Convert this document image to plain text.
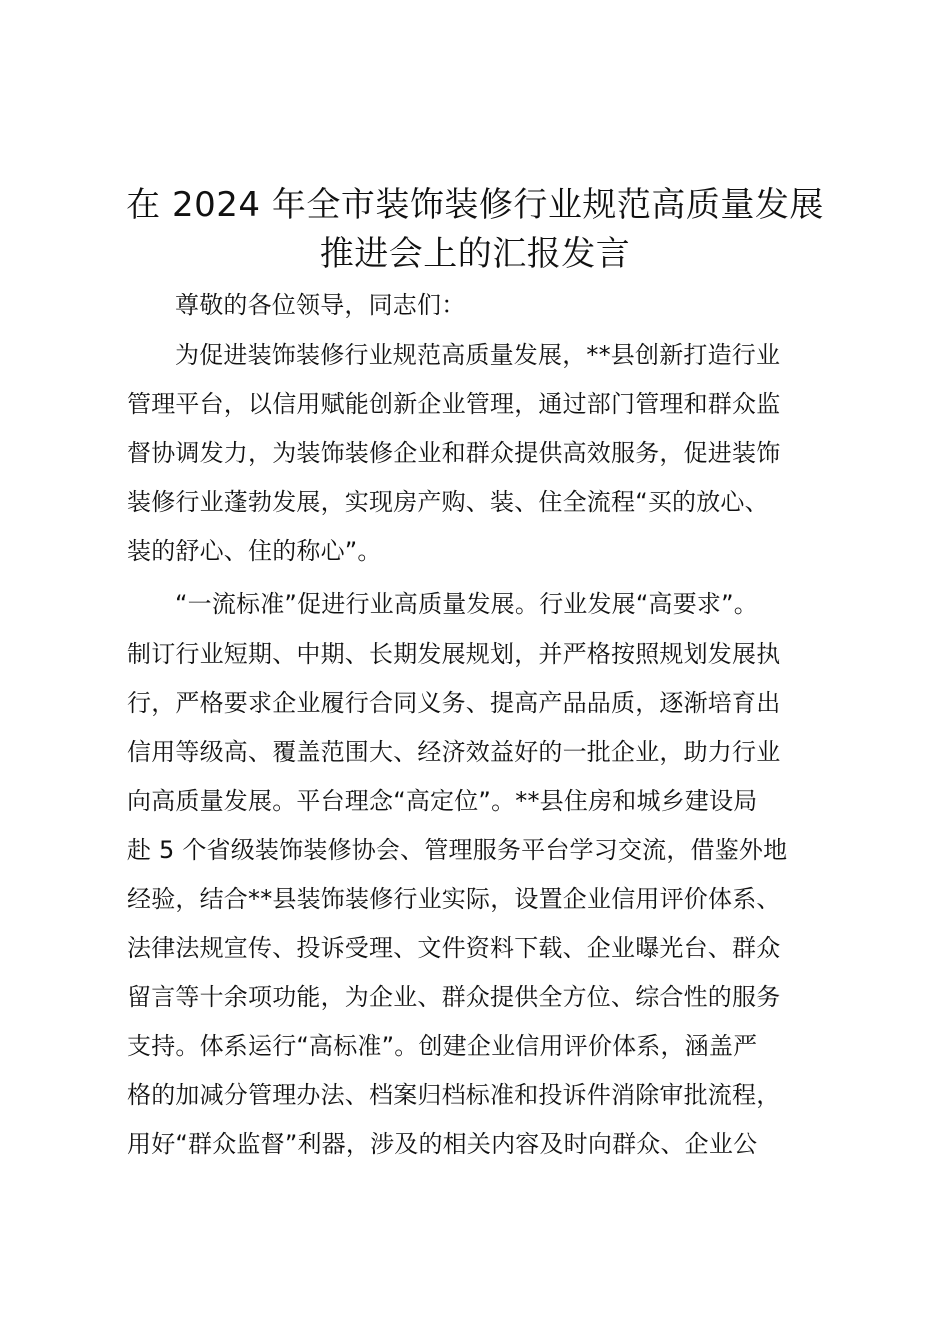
在 2024 年全市装饰装修行业规范高质量发展
推进会上的汇报发言
尊敬的各位领导，同志们：
为促进装饰装修行业规范高质量发展，**县创新打造行业
管理平台，以信用赋能创新企业管理，通过部门管理和群众监
督协调发力，为装饰装修企业和群众提供高效服务，促进装饰
装修行业蓬勃发展，实现房产购、装、住全流程“买的放心、
装的舒心、住的称心”。
“一流标准”促进行业高质量发展。行业发展“高要求”。
制订行业短期、中期、长期发展规划，并严格按照规划发展执
行，严格要求企业履行合同义务、提高产品品质，逐渐培育出
信用等级高、覆盖范围大、经济效益好的一批企业，助力行业
向高质量发展。平台理念“高定位”。**县住房和城乡建设局
赴 5 个省级装饰装修协会、管理服务平台学习交流，借鉴外地
经验，结合**县装饰装修行业实际，设置企业信用评价体系、
法律法规宣传、投诉受理、文件资料下载、企业曝光台、群众
留言等十余项功能，为企业、群众提供全方位、综合性的服务
支持。体系运行“高标准”。创建企业信用评价体系，涵盖严
格的加减分管理办法、档案归档标准和投诉件消除审批流程，
用好“群众监督”利器，涉及的相关内容及时向群众、企业公
